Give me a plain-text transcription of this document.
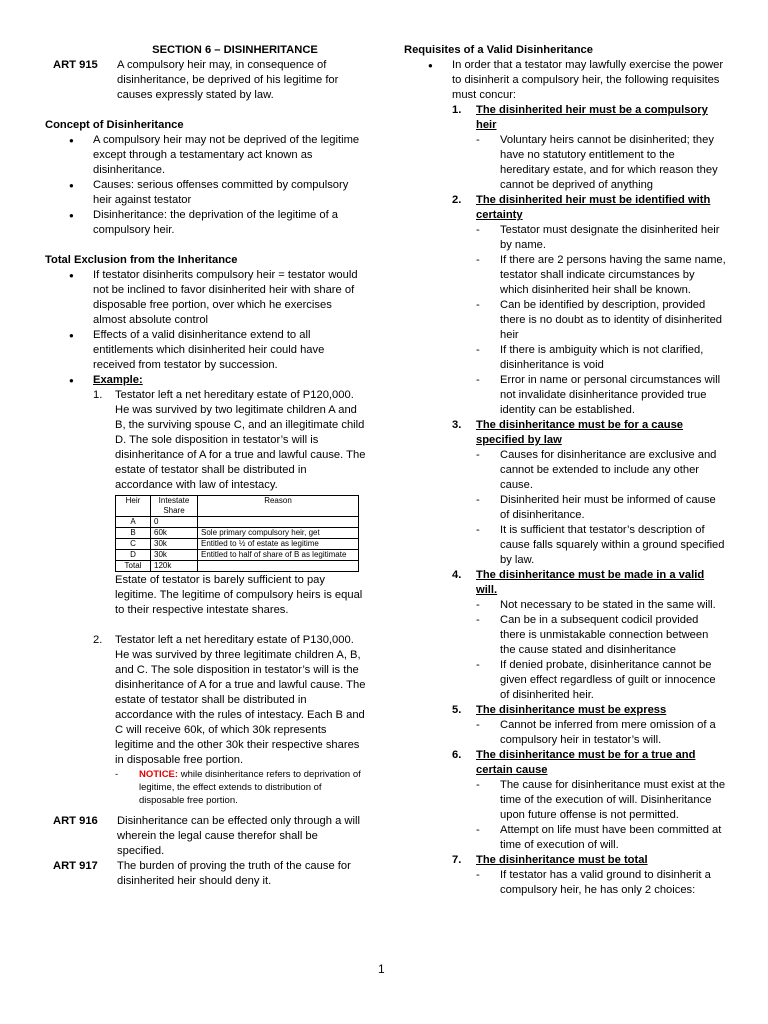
SECTION 6 – DISINHERITANCE
ART 915	A compulsory heir may, in consequence of disinheritance, be deprived of his legitime for causes expressly stated by law.
Concept of Disinheritance
● A compulsory heir may not be deprived of the legitime except through a testamentary act known as disinheritance.
● Causes: serious offenses committed by compulsory heir against testator
● Disinheritance: the deprivation of the legitime of a compulsory heir.
Total Exclusion from the Inheritance
● If testator disinherits compulsory heir = testator would not be inclined to favor disinherited heir with share of disposable free portion, over which he exercises almost absolute control
● Effects of a valid disinheritance extend to all entitlements which disinherited heir could have received from testator by succession.
● Example:
1. Testator left a net hereditary estate of P120,000. He was survived by two legitimate children A and B, the surviving spouse C, and an illegitimate child D. The sole disposition in testator’s will is disinheritance of A for a true and lawful cause. The estate of testator shall be distributed in accordance with law of intestacy.
Heir	Intestate Share	Reason
A	0	
B	60k	Sole primary compulsory heir, get
C	30k	Entitled to ½ of estate as legitime
D	30k	Entitled to half of share of B as legitimate
Total	120k	
Estate of testator is barely sufficient to pay legitime. The legitime of compulsory heirs is equal to their respective intestate shares.
2. Testator left a net hereditary estate of P130,000. He was survived by three legitimate children A, B, and C. The sole disposition in testator’s will is the disinheritance of A for a true and lawful cause. The estate of testator shall be distributed in accordance with the rules of intestacy. Each B and C will receive 60k, of which 30k represents legitime and the other 30k their respective shares in disposable free portion.
- NOTICE: while disinheritance refers to deprivation of legitime, the effect extends to distribution of disposable free portion.
ART 916	Disinheritance can be effected only through a will wherein the legal cause therefor shall be specified.
ART 917	The burden of proving the truth of the cause for disinherited heir should deny it.
Requisites of a Valid Disinheritance
● In order that a testator may lawfully exercise the power to disinherit a compulsory heir, the following requisites must concur:
1. The disinherited heir must be a compulsory heir
- Voluntary heirs cannot be disinherited; they have no statutory entitlement to the hereditary estate, and for which reason they cannot be deprived of anything
2. The disinherited heir must be identified with certainty
- Testator must designate the disinherited heir by name.
- If there are 2 persons having the same name, testator shall indicate circumstances by which disinherited heir shall be known.
- Can be identified by description, provided there is no doubt as to identity of disinherited heir
- If there is ambiguity which is not clarified, disinheritance is void
- Error in name or personal circumstances will not invalidate disinheritance provided true identity can be established.
3. The disinheritance must be for a cause specified by law
- Causes for disinheritance are exclusive and cannot be extended to include any other cause.
- Disinherited heir must be informed of cause of disinheritance.
- It is sufficient that testator’s description of cause falls squarely within a ground specified by law.
4. The disinheritance must be made in a valid will.
- Not necessary to be stated in the same will.
- Can be in a subsequent codicil provided there is unmistakable connection between the cause stated and disinheritance
- If denied probate, disinheritance cannot be given effect regardless of guilt or innocence of disinherited heir.
5. The disinheritance must be express
- Cannot be inferred from mere omission of a compulsory heir in testator’s will.
6. The disinheritance must be for a true and certain cause
- The cause for disinheritance must exist at the time of the execution of will. Disinheritance upon future offense is not permitted.
- Attempt on life must have been committed at time of execution of will.
7. The disinheritance must be total
- If testator has a valid ground to disinherit a compulsory heir, he has only 2 choices:
1
